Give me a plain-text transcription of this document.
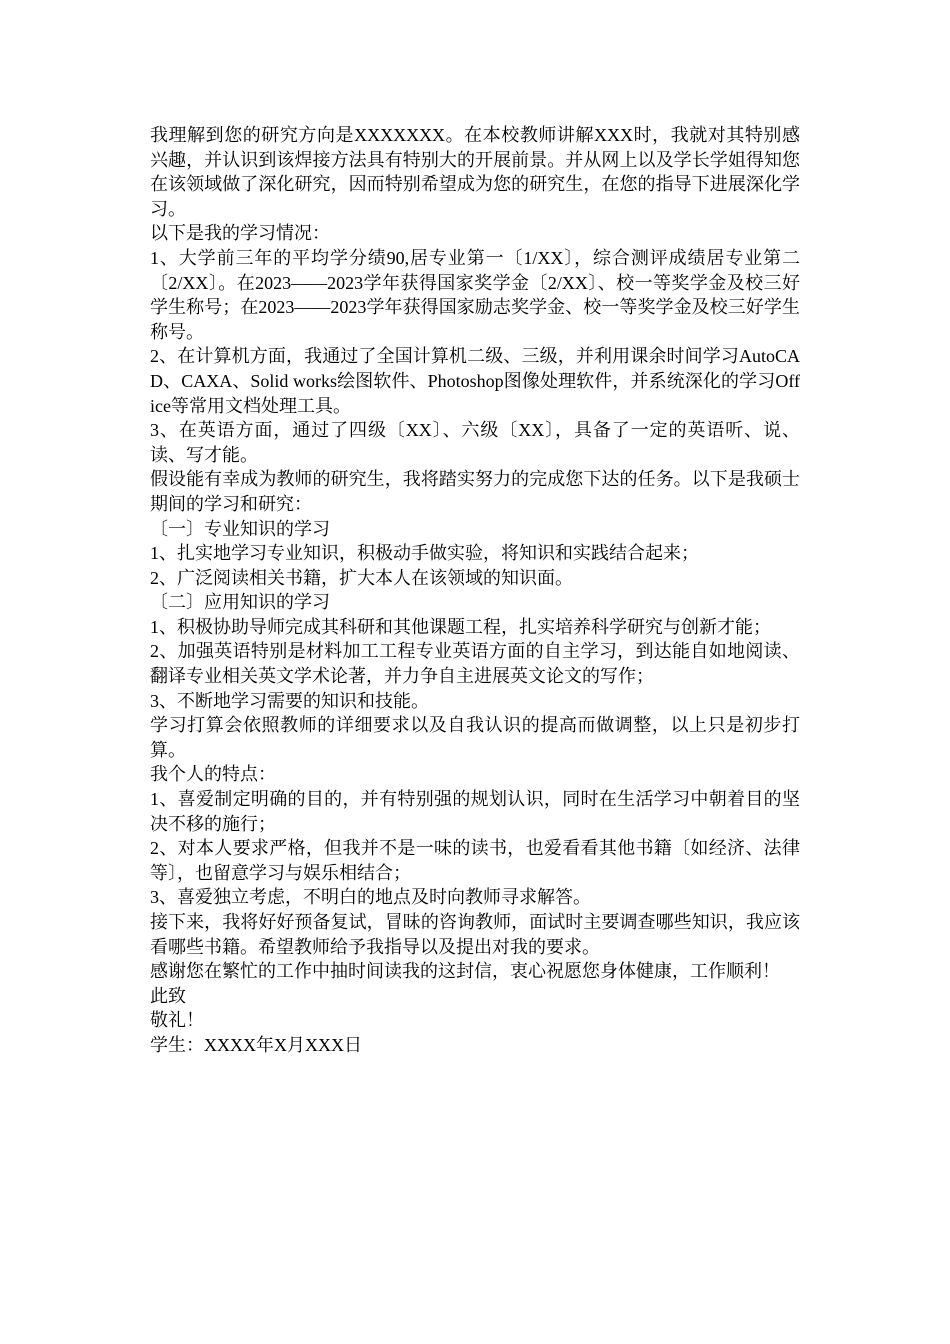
我理解到您的研究方向是XXXXXXX。在本校教师讲解XXX时，我就对其特别感兴趣，并认识到该焊接方法具有特别大的开展前景。并从网上以及学长学姐得知您在该领域做了深化研究，因而特别希望成为您的研究生，在您的指导下进展深化学习。

以下是我的学习情况：

1、大学前三年的平均学分绩90,居专业第一〔1/XX〕，综合测评成绩居专业第二〔2/XX〕。在2023——2023学年获得国家奖学金〔2/XX〕、校一等奖学金及校三好学生称号；在2023——2023学年获得国家励志奖学金、校一等奖学金及校三好学生称号。

2、在计算机方面，我通过了全国计算机二级、三级，并利用课余时间学习AutoCAD、CAXA、Solid works绘图软件、Photoshop图像处理软件，并系统深化的学习Office等常用文档处理工具。

3、在英语方面，通过了四级〔XX〕、六级〔XX〕，具备了一定的英语听、说、读、写才能。

假设能有幸成为教师的研究生，我将踏实努力的完成您下达的任务。以下是我硕士期间的学习和研究：

〔一〕专业知识的学习

1、扎实地学习专业知识，积极动手做实验，将知识和实践结合起来；

2、广泛阅读相关书籍，扩大本人在该领域的知识面。

〔二〕应用知识的学习

1、积极协助导师完成其科研和其他课题工程，扎实培养科学研究与创新才能；

2、加强英语特别是材料加工工程专业英语方面的自主学习，到达能自如地阅读、翻译专业相关英文学术论著，并力争自主进展英文论文的写作；

3、不断地学习需要的知识和技能。

学习打算会依照教师的详细要求以及自我认识的提高而做调整，以上只是初步打算。

我个人的特点：

1、喜爱制定明确的目的，并有特别强的规划认识，同时在生活学习中朝着目的坚决不移的施行；

2、对本人要求严格，但我并不是一味的读书，也爱看看其他书籍〔如经济、法律等〕，也留意学习与娱乐相结合；

3、喜爱独立考虑，不明白的地点及时向教师寻求解答。

接下来，我将好好预备复试，冒昧的咨询教师，面试时主要调查哪些知识，我应该看哪些书籍。希望教师给予我指导以及提出对我的要求。

感谢您在繁忙的工作中抽时间读我的这封信，衷心祝愿您身体健康，工作顺利！

此致

敬礼！

学生：XXXX年X月XXX日
